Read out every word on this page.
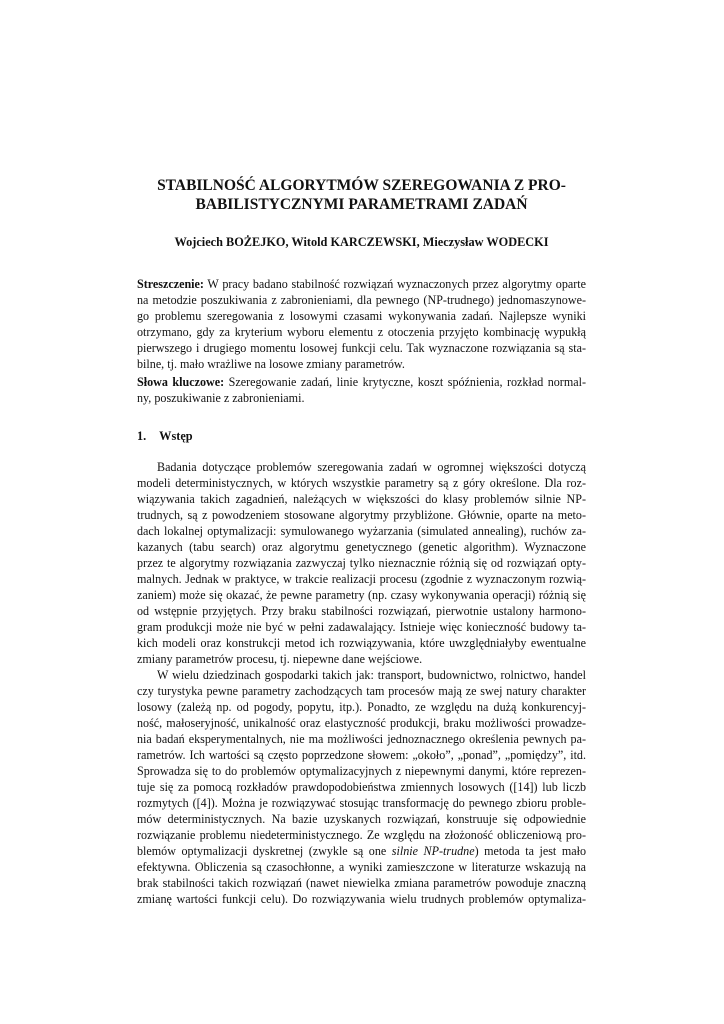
STABILNOŚĆ ALGORYTMÓW SZEREGOWANIA Z PRO-
BABILISTYCZNYMI PARAMETRAMI ZADAŃ

Wojciech BOŻEJKO, Witold KARCZEWSKI, Mieczysław WODECKI

Streszczenie: W pracy badano stabilność rozwiązań wyznaczonych przez algorytmy oparte
na metodzie poszukiwania z zabronieniami, dla pewnego (NP-trudnego) jednomaszynowe-
go problemu szeregowania z losowymi czasami wykonywania zadań. Najlepsze wyniki
otrzymano, gdy za kryterium wyboru elementu z otoczenia przyjęto kombinację wypukłą
pierwszego i drugiego momentu losowej funkcji celu. Tak wyznaczone rozwiązania są sta-
bilne, tj. mało wrażliwe na losowe zmiany parametrów.
Słowa kluczowe: Szeregowanie zadań, linie krytyczne, koszt spóźnienia, rozkład normal-
ny, poszukiwanie z zabronieniami.
1. Wstęp
Badania dotyczące problemów szeregowania zadań w ogromnej większości dotyczą
modeli deterministycznych, w których wszystkie parametry są z góry określone. Dla roz-
wiązywania takich zagadnień, należących w większości do klasy problemów silnie NP-
trudnych, są z powodzeniem stosowane algorytmy przybliżone. Głównie, oparte na meto-
dach lokalnej optymalizacji: symulowanego wyżarzania (simulated annealing), ruchów za-
kazanych (tabu search) oraz algorytmu genetycznego (genetic algorithm). Wyznaczone
przez te algorytmy rozwiązania zazwyczaj tylko nieznacznie różnią się od rozwiązań opty-
malnych. Jednak w praktyce, w trakcie realizacji procesu (zgodnie z wyznaczonym rozwią-
zaniem) może się okazać, że pewne parametry (np. czasy wykonywania operacji) różnią się
od wstępnie przyjętych. Przy braku stabilności rozwiązań, pierwotnie ustalony harmono-
gram produkcji może nie być w pełni zadawalający. Istnieje więc konieczność budowy ta-
kich modeli oraz konstrukcji metod ich rozwiązywania, które uwzględniałyby ewentualne
zmiany parametrów procesu, tj. niepewne dane wejściowe.
W wielu dziedzinach gospodarki takich jak: transport, budownictwo, rolnictwo, handel
czy turystyka pewne parametry zachodzących tam procesów mają ze swej natury charakter
losowy (zależą np. od pogody, popytu, itp.). Ponadto, ze względu na dużą konkurencyj-
ność, małoseryjność, unikalność oraz elastyczność produkcji, braku możliwości prowadze-
nia badań eksperymentalnych, nie ma możliwości jednoznacznego określenia pewnych pa-
rametrów. Ich wartości są często poprzedzone słowem: „około”, „ponad”, „pomiędzy”, itd.
Sprowadza się to do problemów optymalizacyjnych z niepewnymi danymi, które reprezen-
tuje się za pomocą rozkładów prawdopodobieństwa zmiennych losowych ([14]) lub liczb
rozmytych ([4]). Można je rozwiązywać stosując transformację do pewnego zbioru proble-
mów deterministycznych. Na bazie uzyskanych rozwiązań, konstruuje się odpowiednie
rozwiązanie problemu niedeterministycznego. Ze względu na złożoność obliczeniową pro-
blemów optymalizacji dyskretnej (zwykle są one silnie NP-trudne) metoda ta jest mało
efektywna. Obliczenia są czasochłonne, a wyniki zamieszczone w literaturze wskazują na
brak stabilności takich rozwiązań (nawet niewielka zmiana parametrów powoduje znaczną
zmianę wartości funkcji celu). Do rozwiązywania wielu trudnych problemów optymaliza-
